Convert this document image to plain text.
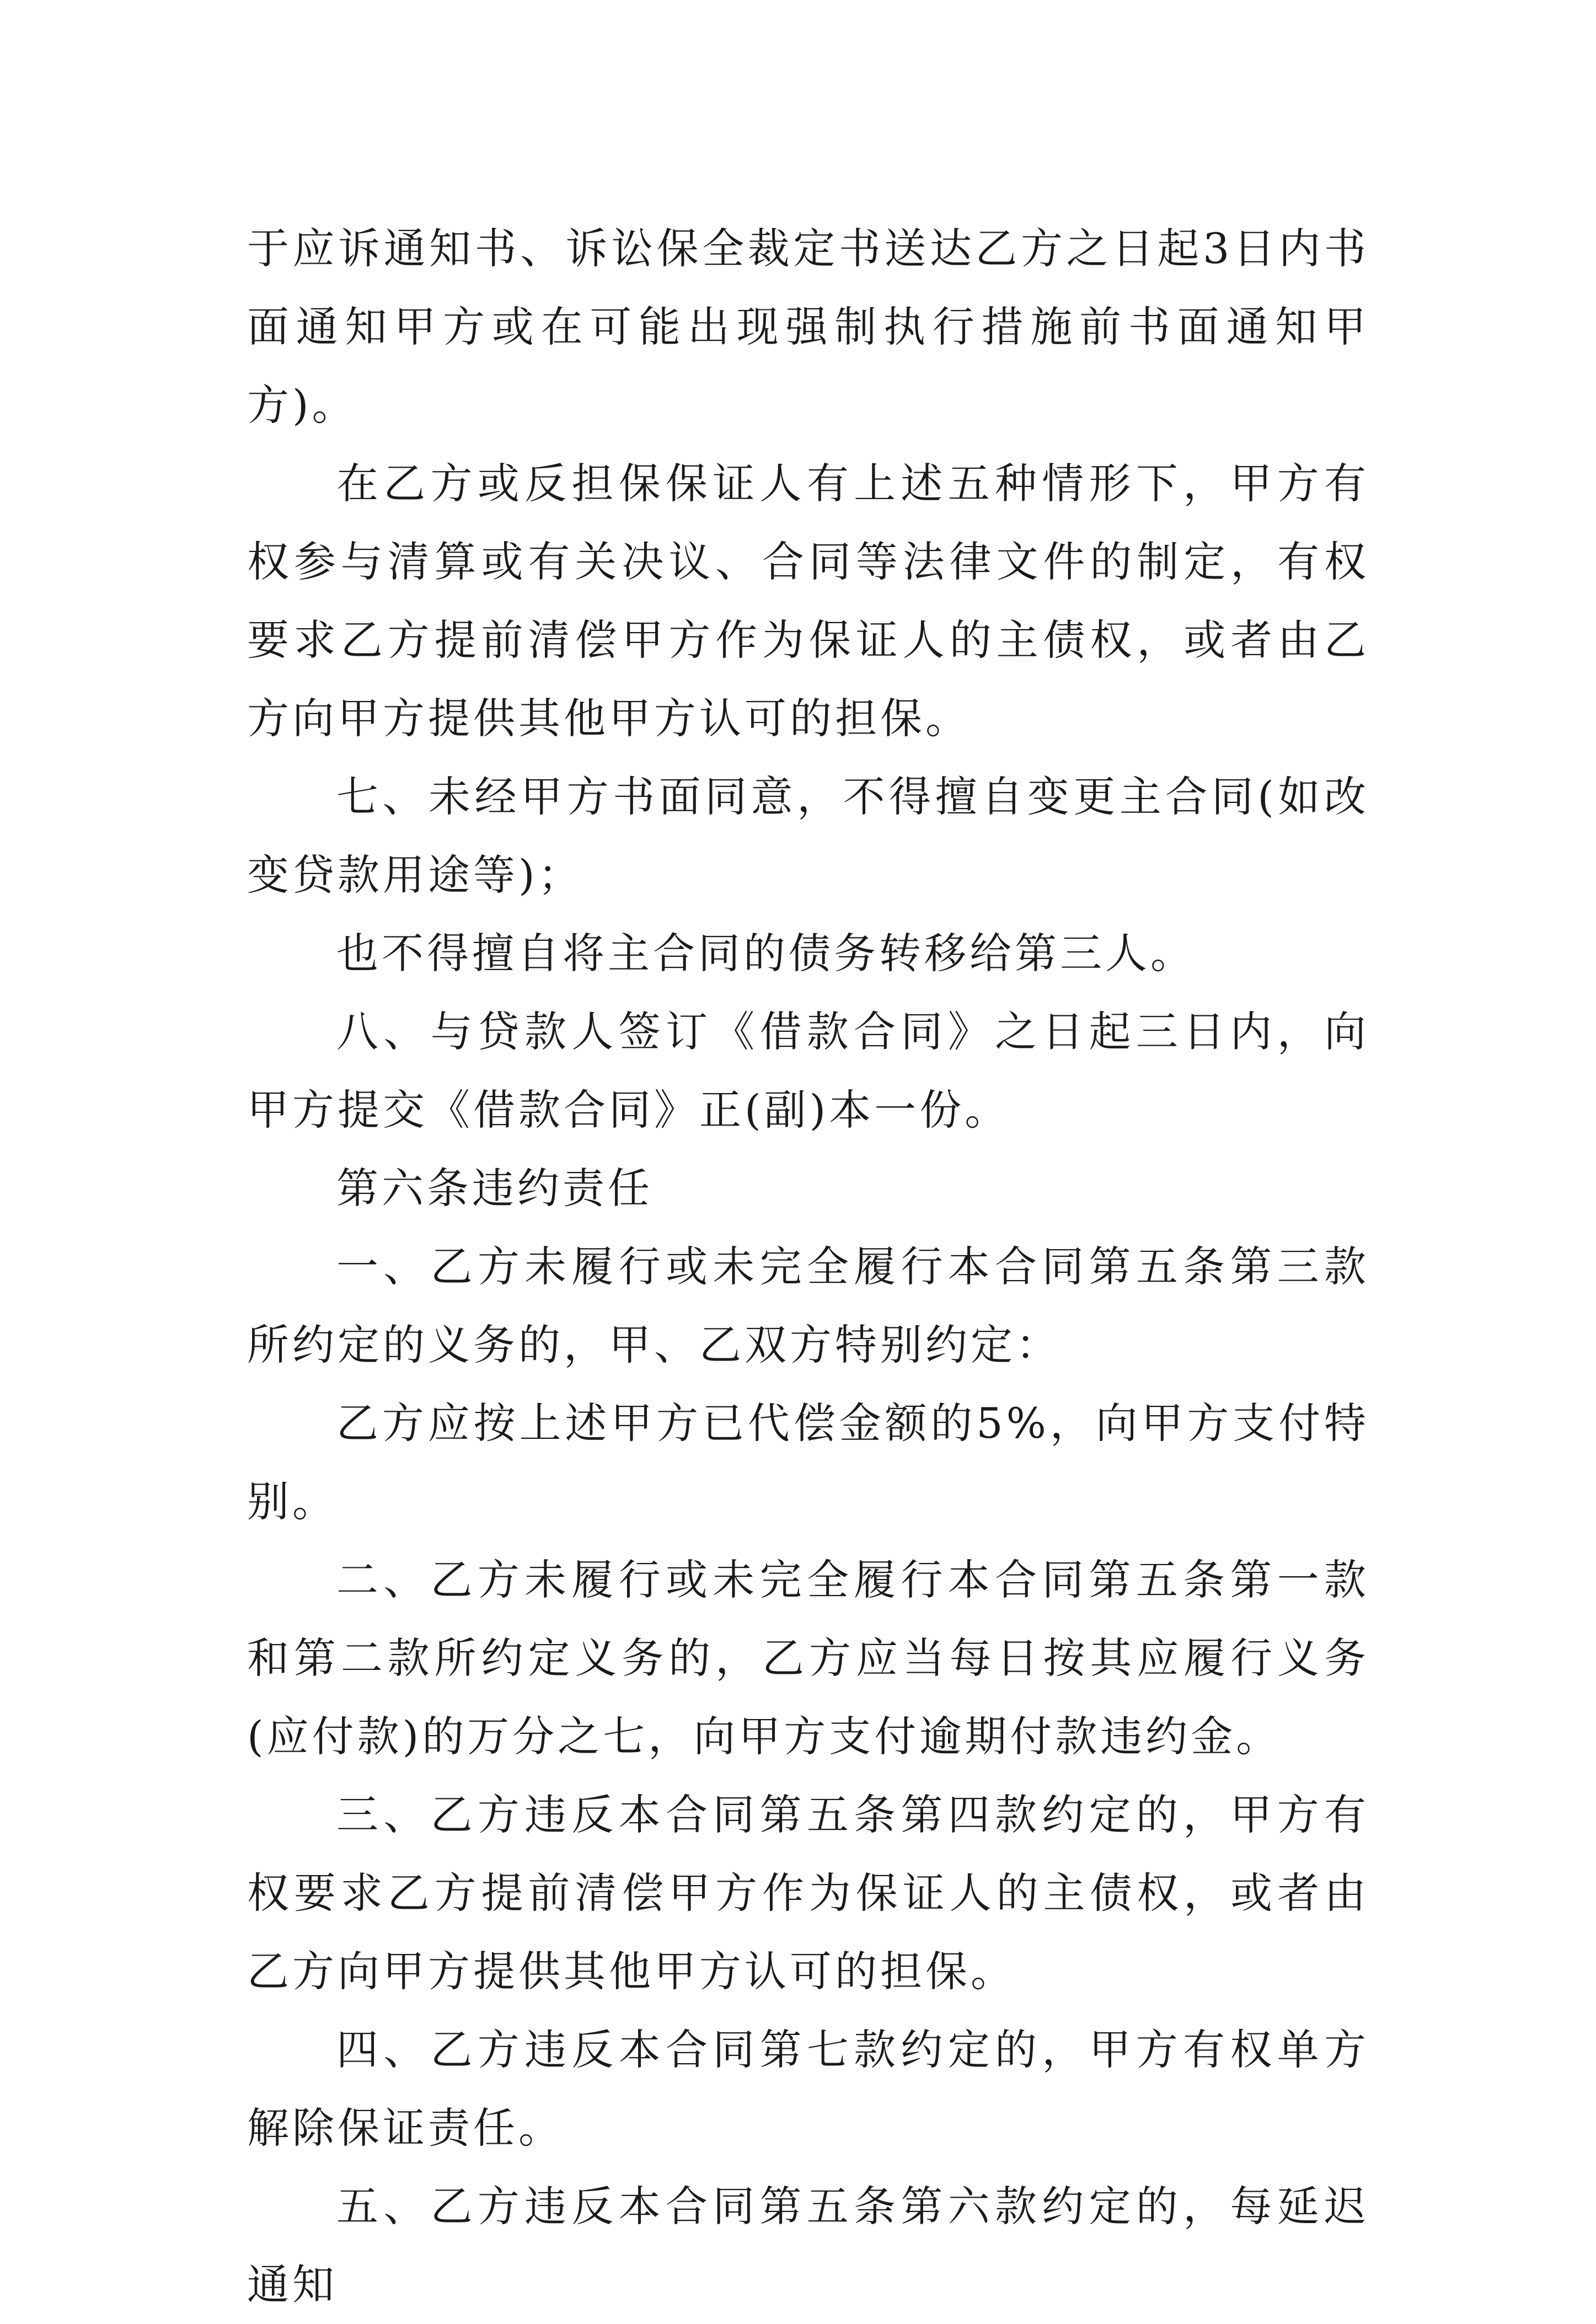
于应诉通知书、诉讼保全裁定书送达乙方之日起3日内书面通知甲方或在可能出现强制执行措施前书面通知甲方)。

在乙方或反担保保证人有上述五种情形下，甲方有权参与清算或有关决议、合同等法律文件的制定，有权要求乙方提前清偿甲方作为保证人的主债权，或者由乙方向甲方提供其他甲方认可的担保。

七、未经甲方书面同意，不得擅自变更主合同(如改变贷款用途等)；

也不得擅自将主合同的债务转移给第三人。

八、与贷款人签订《借款合同》之日起三日内，向甲方提交《借款合同》正(副)本一份。

第六条违约责任

一、乙方未履行或未完全履行本合同第五条第三款所约定的义务的，甲、乙双方特别约定：

乙方应按上述甲方已代偿金额的5%，向甲方支付特别。

二、乙方未履行或未完全履行本合同第五条第一款和第二款所约定义务的，乙方应当每日按其应履行义务(应付款)的万分之七，向甲方支付逾期付款违约金。

三、乙方违反本合同第五条第四款约定的，甲方有权要求乙方提前清偿甲方作为保证人的主债权，或者由乙方向甲方提供其他甲方认可的担保。

四、乙方违反本合同第七款约定的，甲方有权单方解除保证责任。

五、乙方违反本合同第五条第六款约定的，每延迟通知
